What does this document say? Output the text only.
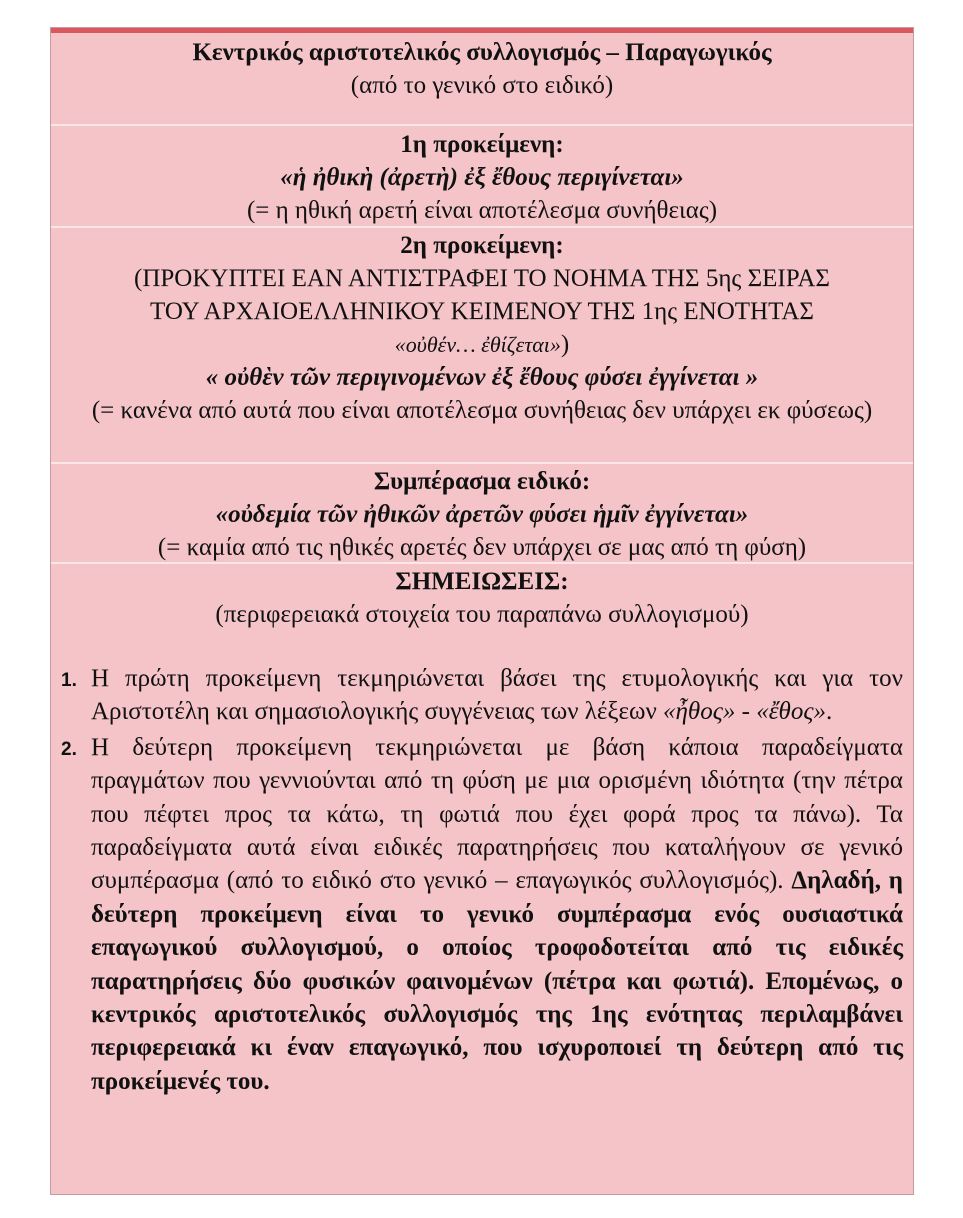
Κεντρικός αριστοτελικός συλλογισμός – Παραγωγικός
(από το γενικό στο ειδικό)
1η προκείμενη:
«ἡ ἠθικὴ (ἀρετὴ) ἐξ ἔθους περιγίνεται»
(= η ηθική αρετή είναι αποτέλεσμα συνήθειας)
2η προκείμενη:
(ΠΡΟΚΥΠΤΕΙ ΕΑΝ ΑΝΤΙΣΤΡΑΦΕΙ ΤΟ ΝΟΗΜΑ ΤΗΣ 5ης ΣΕΙΡΑΣ
ΤΟΥ ΑΡΧΑΙΟΕΛΛΗΝΙΚΟΥ ΚΕΙΜΕΝΟΥ ΤΗΣ 1ης ΕΝΟΤΗΤΑΣ
«οὐθέν… ἐθίζεται»)
« οὐθὲν τῶν περιγινομένων ἐξ ἔθους φύσει ἐγγίνεται »
(= κανένα από αυτά που είναι αποτέλεσμα συνήθειας δεν υπάρχει εκ φύσεως)
Συμπέρασμα ειδικό:
«οὐδεμία τῶν ἠθικῶν ἀρετῶν φύσει ἡμῖν ἐγγίνεται»
(= καμία από τις ηθικές αρετές δεν υπάρχει σε μας από τη φύση)
ΣΗΜΕΙΩΣΕΙΣ:
(περιφερειακά στοιχεία του παραπάνω συλλογισμού)
1. Η πρώτη προκείμενη τεκμηριώνεται βάσει της ετυμολογικής και για τον Αριστοτέλη και σημασιολογικής συγγένειας των λέξεων «ἦθος» - «ἔθος».
2. Η δεύτερη προκείμενη τεκμηριώνεται με βάση κάποια παραδείγματα πραγμάτων που γεννιούνται από τη φύση με μια ορισμένη ιδιότητα (την πέτρα που πέφτει προς τα κάτω, τη φωτιά που έχει φορά προς τα πάνω). Τα παραδείγματα αυτά είναι ειδικές παρατηρήσεις που καταλήγουν σε γενικό συμπέρασμα (από το ειδικό στο γενικό – επαγωγικός συλλογισμός). Δηλαδή, η δεύτερη προκείμενη είναι το γενικό συμπέρασμα ενός ουσιαστικά επαγωγικού συλλογισμού, ο οποίος τροφοδοτείται από τις ειδικές παρατηρήσεις δύο φυσικών φαινομένων (πέτρα και φωτιά). Επομένως, ο κεντρικός αριστοτελικός συλλογισμός της 1ης ενότητας περιλαμβάνει περιφερειακά κι έναν επαγωγικό, που ισχυροποιεί τη δεύτερη από τις προκείμενές του.
